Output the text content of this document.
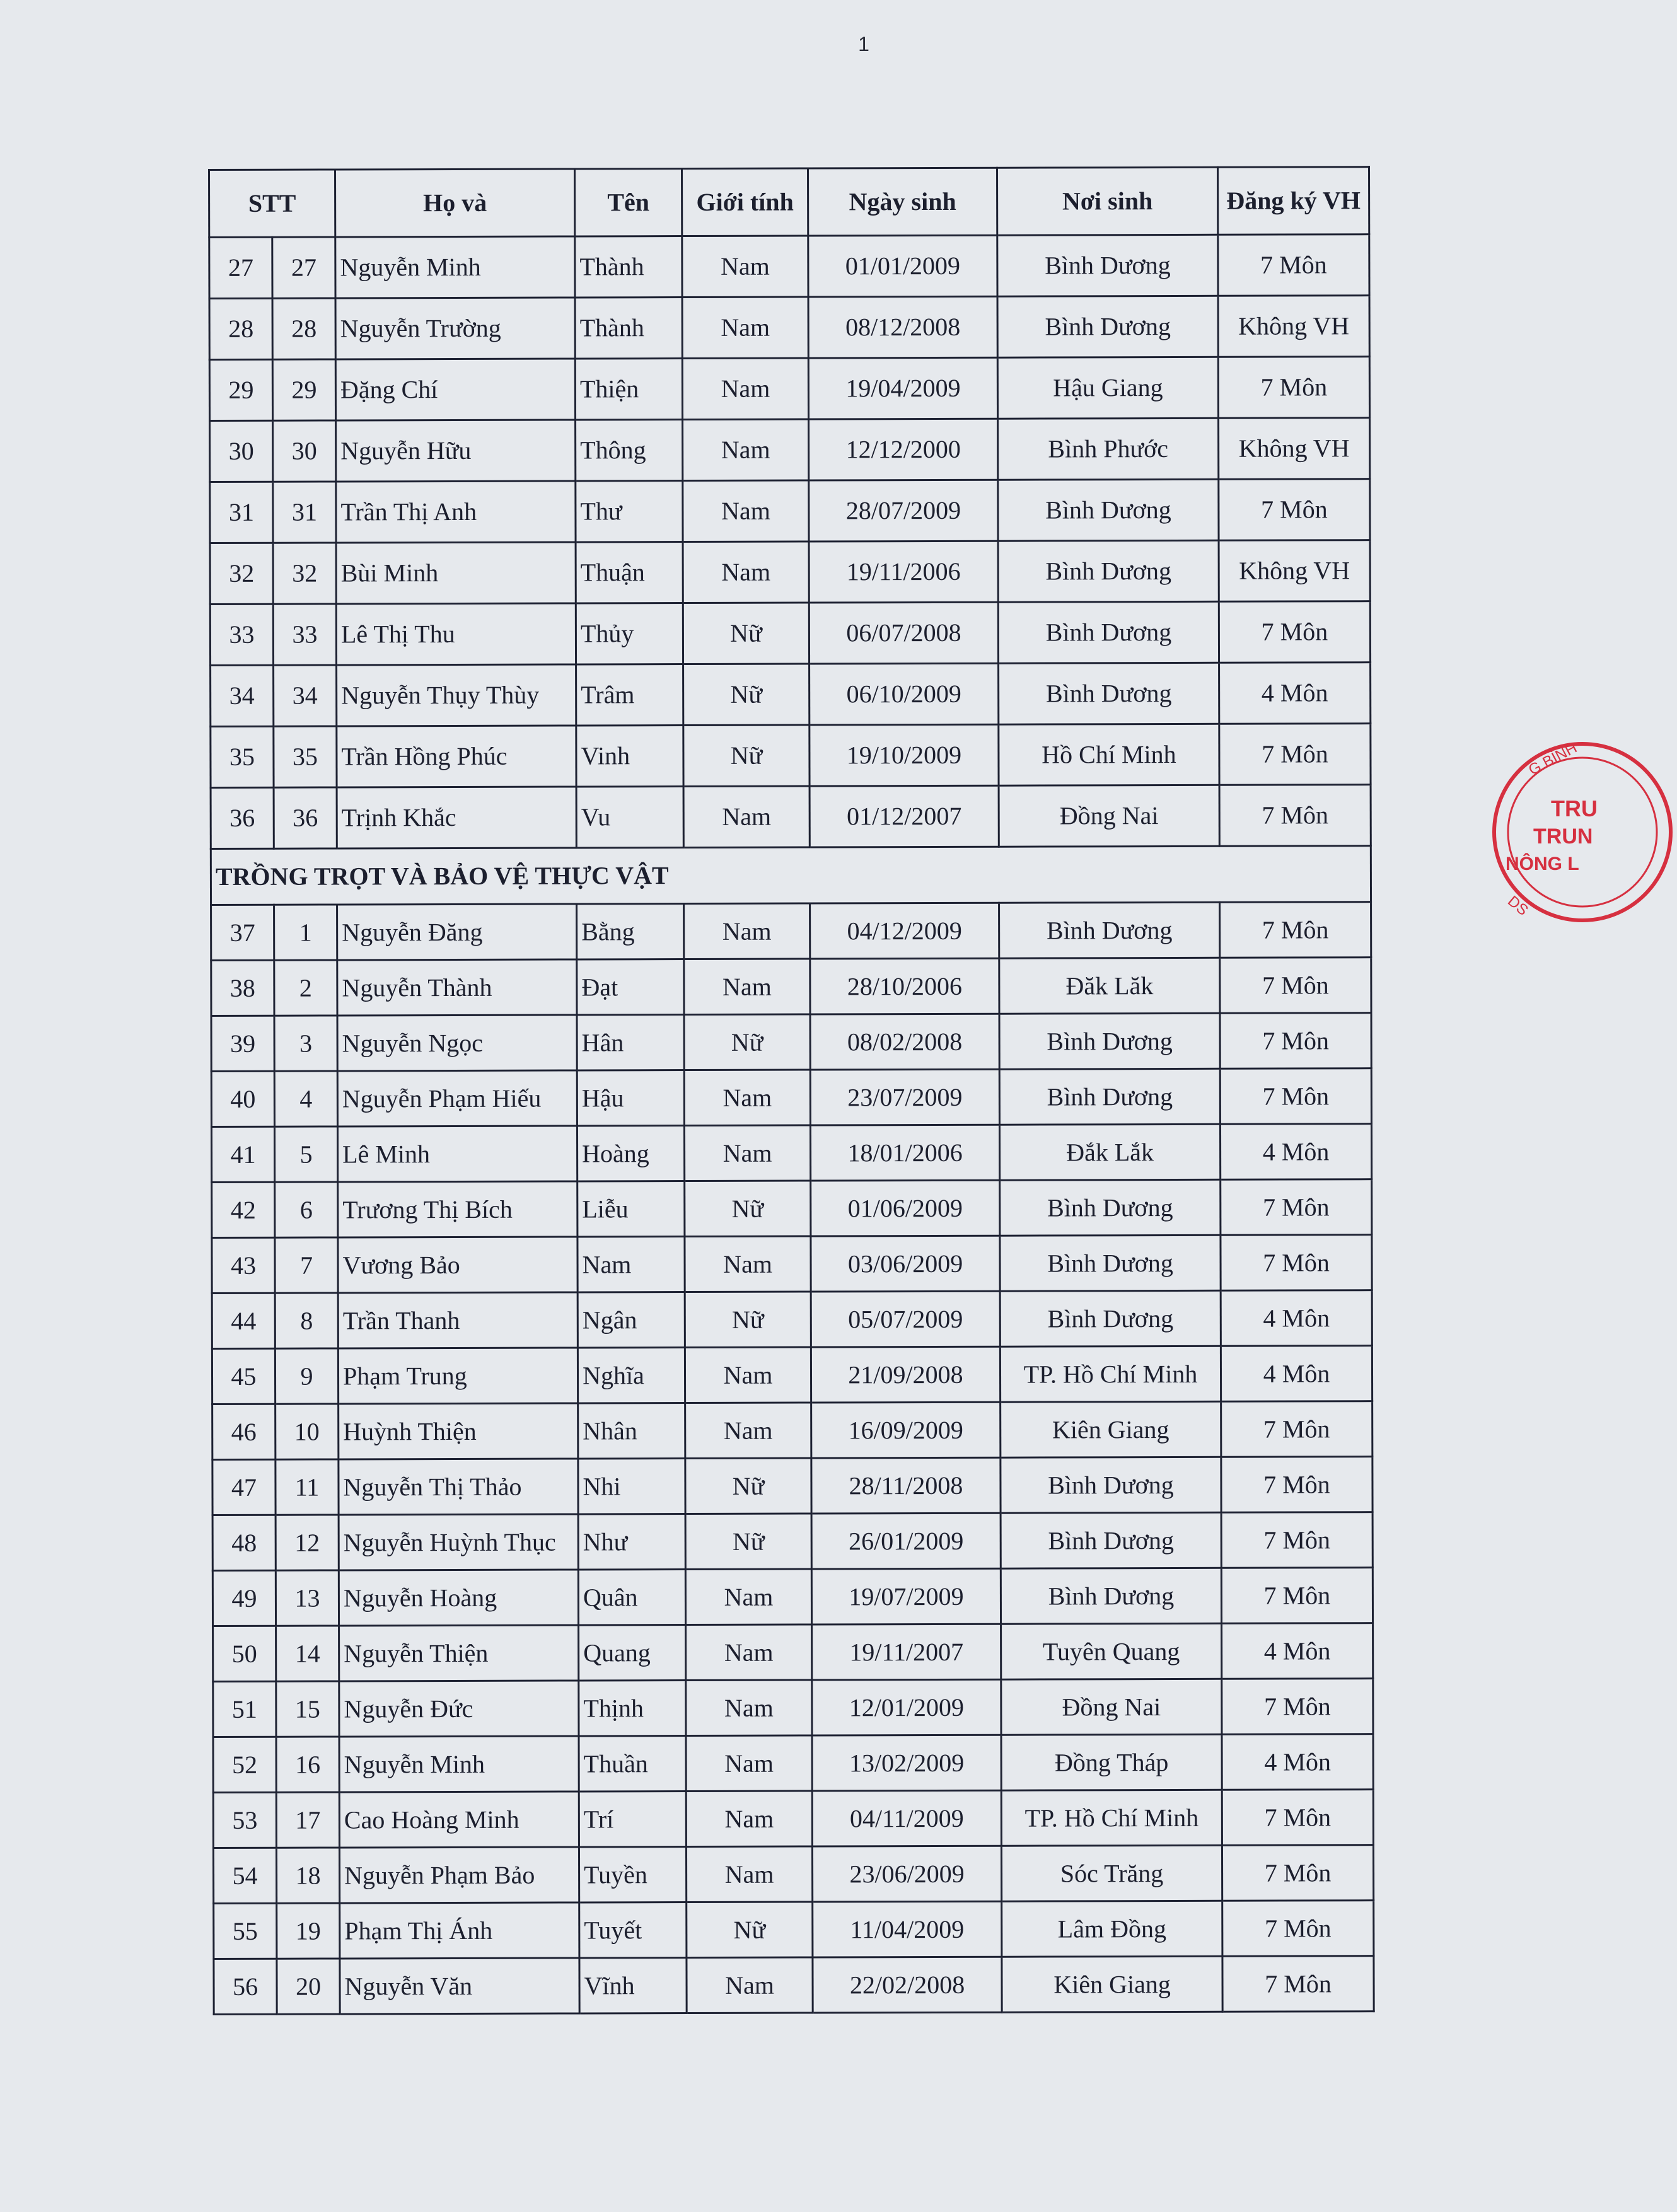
1
STT		Họ và	Tên	Giới tính	Ngày sinh	Nơi sinh	Đăng ký VH
27	27	Nguyễn Minh	Thành	Nam	01/01/2009	Bình Dương	7 Môn
28	28	Nguyễn Trường	Thành	Nam	08/12/2008	Bình Dương	Không VH
29	29	Đặng Chí	Thiện	Nam	19/04/2009	Hậu Giang	7 Môn
30	30	Nguyễn Hữu	Thông	Nam	12/12/2000	Bình Phước	Không VH
31	31	Trần Thị Anh	Thư	Nam	28/07/2009	Bình Dương	7 Môn
32	32	Bùi Minh	Thuận	Nam	19/11/2006	Bình Dương	Không VH
33	33	Lê Thị Thu	Thủy	Nữ	06/07/2008	Bình Dương	7 Môn
34	34	Nguyễn Thụy Thùy	Trâm	Nữ	06/10/2009	Bình Dương	4 Môn
35	35	Trần Hồng Phúc	Vinh	Nữ	19/10/2009	Hồ Chí Minh	7 Môn
36	36	Trịnh Khắc	Vu	Nam	01/12/2007	Đồng Nai	7 Môn
TRỒNG TRỌT VÀ BẢO VỆ THỰC VẬT							
37	1	Nguyễn Đăng	Bằng	Nam	04/12/2009	Bình Dương	7 Môn
38	2	Nguyễn Thành	Đạt	Nam	28/10/2006	Đăk Lăk	7 Môn
39	3	Nguyễn Ngọc	Hân	Nữ	08/02/2008	Bình Dương	7 Môn
40	4	Nguyễn Phạm Hiếu	Hậu	Nam	23/07/2009	Bình Dương	7 Môn
41	5	Lê Minh	Hoàng	Nam	18/01/2006	Đắk Lắk	4 Môn
42	6	Trương Thị Bích	Liễu	Nữ	01/06/2009	Bình Dương	7 Môn
43	7	Vương Bảo	Nam	Nam	03/06/2009	Bình Dương	7 Môn
44	8	Trần Thanh	Ngân	Nữ	05/07/2009	Bình Dương	4 Môn
45	9	Phạm Trung	Nghĩa	Nam	21/09/2008	TP. Hồ Chí Minh	4 Môn
46	10	Huỳnh Thiện	Nhân	Nam	16/09/2009	Kiên Giang	7 Môn
47	11	Nguyễn Thị Thảo	Nhi	Nữ	28/11/2008	Bình Dương	7 Môn
48	12	Nguyễn Huỳnh Thục	Như	Nữ	26/01/2009	Bình Dương	7 Môn
49	13	Nguyễn Hoàng	Quân	Nam	19/07/2009	Bình Dương	7 Môn
50	14	Nguyễn Thiện	Quang	Nam	19/11/2007	Tuyên Quang	4 Môn
51	15	Nguyễn Đức	Thịnh	Nam	12/01/2009	Đồng Nai	7 Môn
52	16	Nguyễn Minh	Thuần	Nam	13/02/2009	Đồng Tháp	4 Môn
53	17	Cao Hoàng Minh	Trí	Nam	04/11/2009	TP. Hồ Chí Minh	7 Môn
54	18	Nguyễn Phạm Bảo	Tuyền	Nam	23/06/2009	Sóc Trăng	7 Môn
55	19	Phạm Thị Ánh	Tuyết	Nữ	11/04/2009	Lâm Đồng	7 Môn
56	20	Nguyễn Văn	Vĩnh	Nam	22/02/2008	Kiên Giang	7 Môn
G BÌNH
TRU
TRUN
NÔNG L
DS
